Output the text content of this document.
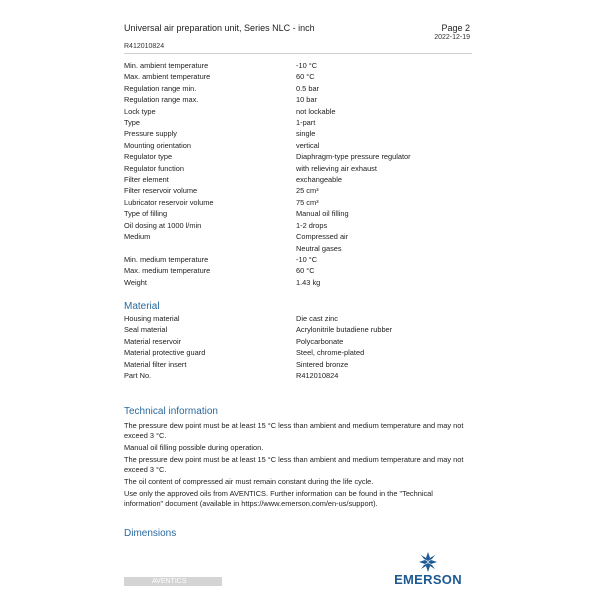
Universal air preparation unit, Series NLC - inch	Page 2
2022-12-19
R412010824
Min. ambient temperature	-10 °C
Max. ambient temperature	60 °C
Regulation range min.	0.5 bar
Regulation range max.	10 bar
Lock type	not lockable
Type	1-part
Pressure supply	single
Mounting orientation	vertical
Regulator type	Diaphragm-type pressure regulator
Regulator function	with relieving air exhaust
Filter element	exchangeable
Filter reservoir volume	25 cm³
Lubricator reservoir volume	75 cm³
Type of filling	Manual oil filling
Oil dosing at 1000 l/min	1-2 drops
Medium	Compressed air
Neutral gases
Min. medium temperature	-10 °C
Max. medium temperature	60 °C
Weight	1.43 kg
Material
Housing material	Die cast zinc
Seal material	Acrylonitrile butadiene rubber
Material reservoir	Polycarbonate
Material protective guard	Steel, chrome-plated
Material filter insert	Sintered bronze
Part No.	R412010824
Technical information

The pressure dew point must be at least 15 °C less than ambient and medium temperature and may not exceed 3 °C.

Manual oil filling possible during operation.

The pressure dew point must be at least 15 °C less than ambient and medium temperature and may not exceed 3 °C.

The oil content of compressed air must remain constant during the life cycle.

Use only the approved oils from AVENTICS. Further information can be found in the "Technical information" document (available in https://www.emerson.com/en-us/support).

Dimensions
AVENTICS	EMERSON
